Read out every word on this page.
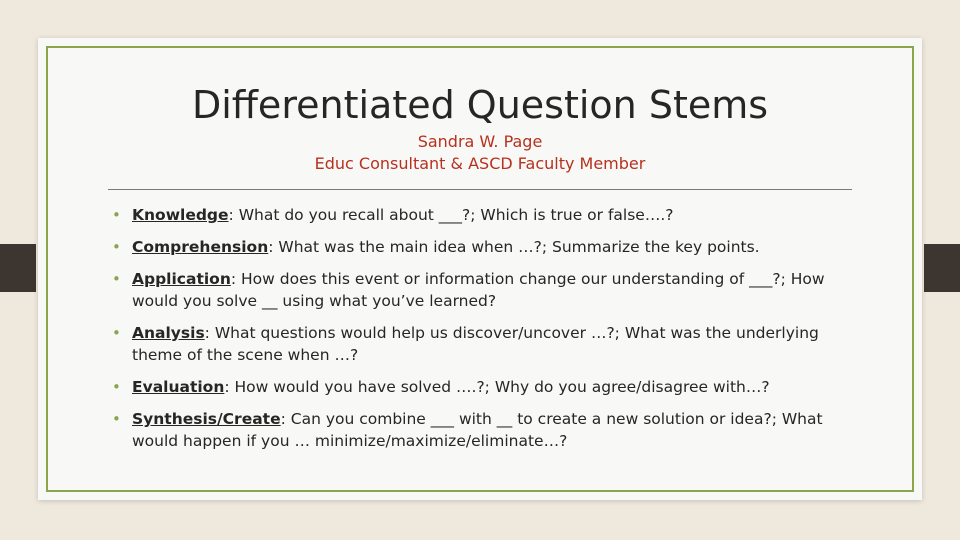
Differentiated Question Stems
Sandra W. Page
Educ Consultant & ASCD Faculty Member
• Knowledge: What do you recall about ___?; Which is true or false….?
• Comprehension: What was the main idea when …?; Summarize the key points.
• Application: How does this event or information change our understanding of ___?; How would you solve __ using what you’ve learned?
• Analysis: What questions would help us discover/uncover …?; What was the underlying theme of the scene when …?
• Evaluation: How would you have solved ….?; Why do you agree/disagree with…?
• Synthesis/Create: Can you combine ___ with __ to create a new solution or idea?; What would happen if you … minimize/maximize/eliminate…?
